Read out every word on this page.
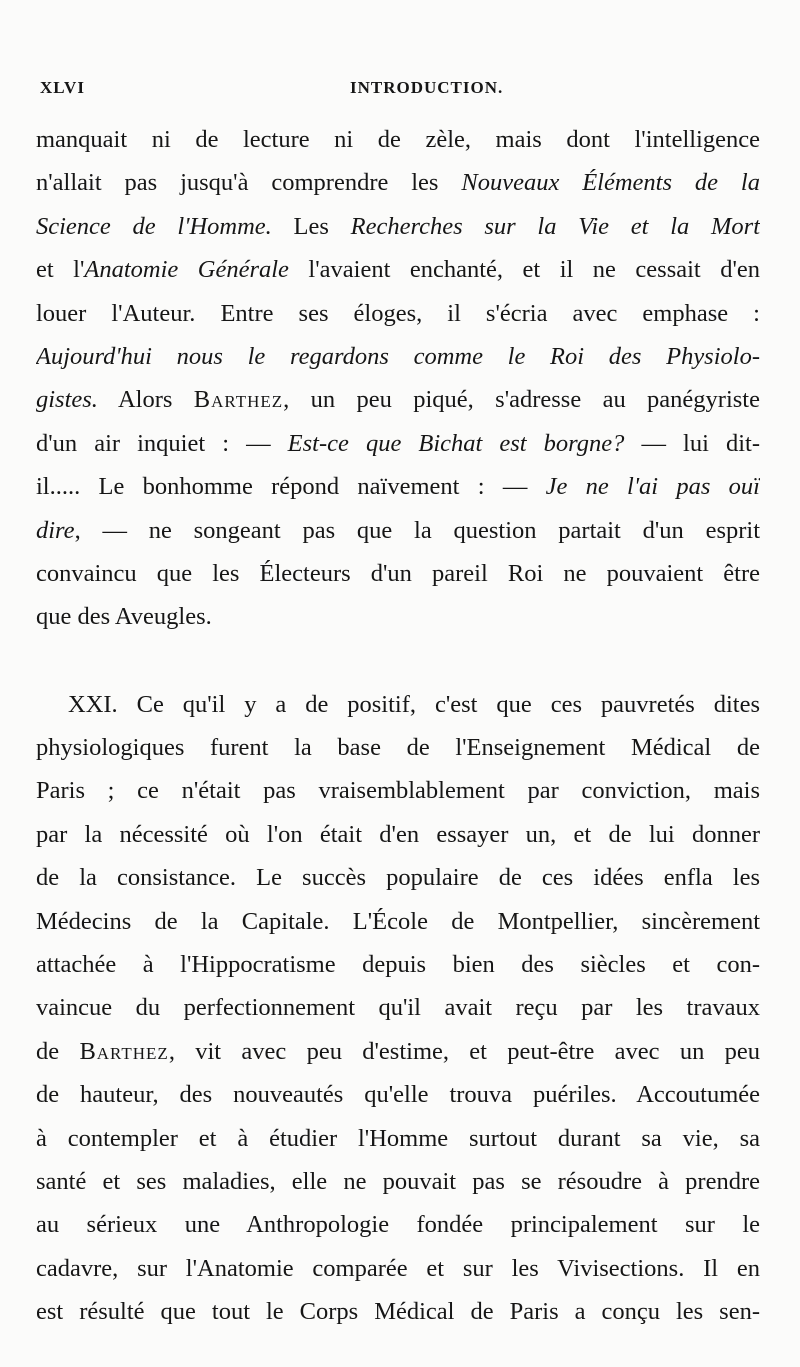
XLVI	INTRODUCTION.
manquait ni de lecture ni de zèle, mais dont l'intelligence
n'allait pas jusqu'à comprendre les Nouveaux Éléments de la
Science de l'Homme. Les Recherches sur la Vie et la Mort
et l'Anatomie Générale l'avaient enchanté, et il ne cessait d'en
louer l'Auteur. Entre ses éloges, il s'écria avec emphase :
Aujourd'hui nous le regardons comme le Roi des Physiolo-
gistes. Alors Barthez, un peu piqué, s'adresse au panégyriste
d'un air inquiet : — Est-ce que Bichat est borgne? — lui dit-
il..... Le bonhomme répond naïvement : — Je ne l'ai pas ouï
dire, — ne songeant pas que la question partait d'un esprit
convaincu que les Électeurs d'un pareil Roi ne pouvaient être
que des Aveugles.
XXI. Ce qu'il y a de positif, c'est que ces pauvretés dites
physiologiques furent la base de l'Enseignement Médical de
Paris ; ce n'était pas vraisemblablement par conviction, mais
par la nécessité où l'on était d'en essayer un, et de lui donner
de la consistance. Le succès populaire de ces idées enfla les
Médecins de la Capitale. L'École de Montpellier, sincèrement
attachée à l'Hippocratisme depuis bien des siècles et con-
vaincue du perfectionnement qu'il avait reçu par les travaux
de Barthez, vit avec peu d'estime, et peut-être avec un peu
de hauteur, des nouveautés qu'elle trouva puériles. Accoutumée
à contempler et à étudier l'Homme surtout durant sa vie, sa
santé et ses maladies, elle ne pouvait pas se résoudre à prendre
au sérieux une Anthropologie fondée principalement sur le
cadavre, sur l'Anatomie comparée et sur les Vivisections. Il en
est résulté que tout le Corps Médical de Paris a conçu les sen-
